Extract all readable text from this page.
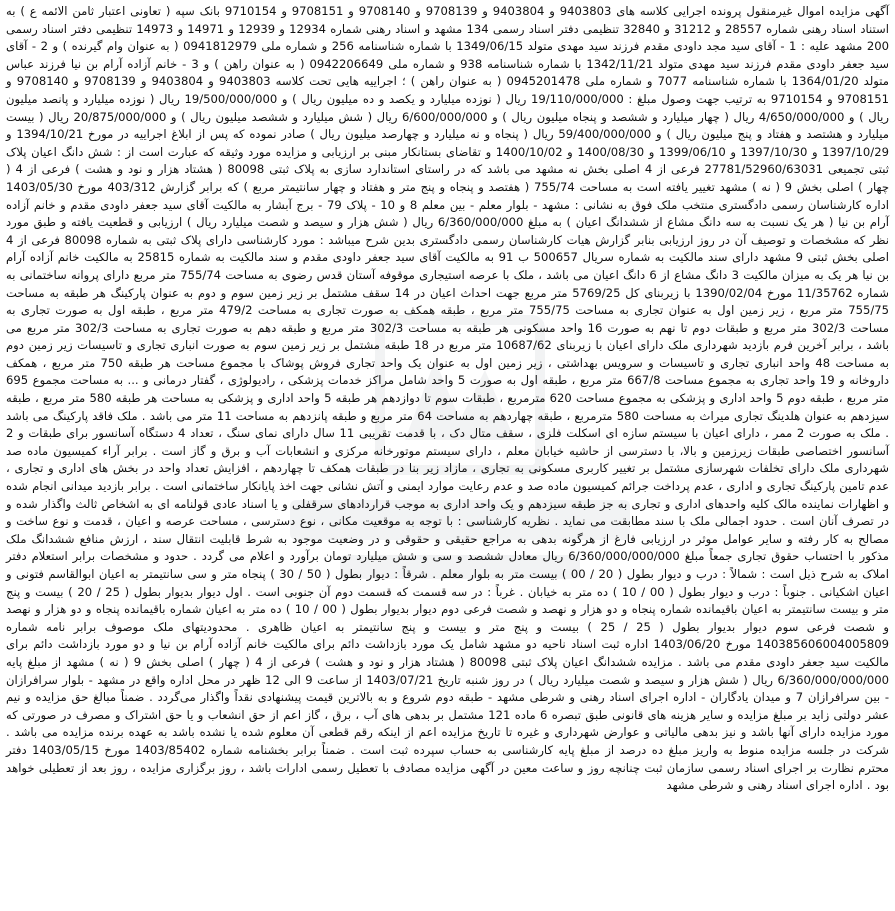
آگهی مزایده اموال غیرمنقول پرونده اجرایی کلاسه های 9403803 و 9403804 و 9708139 و 9708140 و 9708151 و 9710154 بانک سپه ( تعاونی اعتبار ثامن الائمه ع ) به استناد اسناد رهنی شماره 28557 و 31212 و 32840 تنظیمی دفتر اسناد رسمی 134 مشهد و اسناد رهنی شماره 12934 و 12939 و 14971 و 14973 تنظیمی دفتر اسناد رسمی 200 مشهد علیه : 1 - آقای سید مجد داودی مقدم فرزند سید مهدی متولد 1349/06/15 با شماره شناسنامه 256 و شماره ملی 0941812979 ( به عنوان وام گیرنده ) و 2 - آقای سید جعفر داودی مقدم فرزند سید مهدی متولد 1342/11/21 با شماره شناسنامه 938 و شماره ملی 0942206649 ( به عنوان راهن ) و 3 - خانم آزاده آرام بن نیا فرزند عباس متولد 1364/01/20 با شماره شناسنامه 7077 و شماره ملی 0945201478 ( به عنوان راهن ) ؛ اجراییه هایی تحت کلاسه 9403803 و 9403804 و 9708139 و 9708140 و 9708151 و 9710154 به ترتیب جهت وصول مبلغ : 19/110/000/000 ریال ( نوزده میلیارد و یکصد و ده میلیون ریال ) و 19/500/000/000 ریال ( نوزده میلیارد و پانصد میلیون ریال ) و 4/650/000/000 ریال ( چهار میلیارد و ششصد و پنجاه میلیون ریال ) و 6/600/000/000 ریال ( شش میلیارد و ششصد میلیون ریال ) و 20/875/000/000 ریال ( بیست میلیارد و هشتصد و هفتاد و پنج میلیون ریال ) و 59/400/000/000 ریال ( پنجاه و نه میلیارد و چهارصد میلیون ریال ) صادر نموده که پس از ابلاغ اجراییه در مورخ 1394/10/21 و 1397/10/29 و 1397/10/30 و 1399/06/10 و 1400/08/30 و 1400/10/02 و تقاضای بستانکار مبنی بر ارزیابی و مزایده مورد وثیقه که عبارت است از : شش دانگ اعیان پلاک ثبتی تجمیعی 27781/52960/63031 فرعی از 4 اصلی بخش نه مشهد می باشد که در راستای استاندارد سازی به پلاک ثبتی 80098 ( هشتاد هزار و نود و هشت ) فرعی از 4 ( چهار ) اصلی بخش 9 ( نه ) مشهد تغییر یافته است به مساحت 755/74 ( هفتصد و پنجاه و پنج متر و هفتاد و چهار سانتیمتر مربع ) که برابر گزارش 403/312 مورخ 1403/05/30 اداره کارشناسان رسمی دادگستری منتخب ملک فوق به نشانی : مشهد - بلوار معلم - بین معلم 8 و 10 - پلاک 79 - برج آبشار به مالکیت آقای سید جعفر داودی مقدم و خانم آزاده آرام بن نیا ( هر یک نسبت به سه دانگ مشاع از ششدانگ اعیان ) به مبلغ 6/360/000/000 ریال ( شش هزار و سیصد و شصت میلیارد ریال ) ارزیابی و قطعیت یافته و طبق مورد نظر که مشخصات و توصیف آن در روز ارزیابی بنابر گزارش هیات کارشناسان رسمی دادگستری بدین شرح میباشد : مورد کارشناسی دارای پلاک ثبتی به شماره 80098 فرعی از 4 اصلی بخش ثبتی 9 مشهد دارای سند مالکیت به شماره سریال 500657 ب 91 به مالکیت آقای سید جعفر داودی مقدم و سند مالکیت به شماره 25815 به مالکیت خانم آزاده آرام بن نیا هر یک به میزان مالکیت 3 دانگ مشاع از 6 دانگ اعیان می باشد ، ملک با عرصه استیجاری موقوفه آستان قدس رضوی به مساحت 755/74 متر مربع دارای پروانه ساختمانی به شماره 11/35762 مورخ 1390/02/04 با زیربنای کل 5769/25 متر مربع جهت احداث اعیان در 14 سقف مشتمل بر زیر زمین سوم و دوم به عنوان پارکینگ هر طبقه به مساحت 755/75 متر مربع ، زیر زمین اول به عنوان تجاری به مساحت 755/75 متر مربع ، طبقه همکف به صورت تجاری به مساحت 479/2 متر مربع ، طبقه اول به صورت تجاری به مساحت 302/3 متر مربع و طبقات دوم تا نهم به صورت 16 واحد مسکونی هر طبقه به مساحت 302/3 متر مربع و طبقه دهم به صورت تجاری به مساحت 302/3 متر مربع می باشد ، برابر آخرین فرم بازدید شهرداری ملک دارای اعیان با زیربنای 10687/62 متر مربع در 18 طبقه مشتمل بر زیر زمین سوم به صورت انباری تجاری و تاسیسات زیر زمین دوم به مساحت 48 واحد انباری تجاری و تاسیسات و سرویس بهداشتی ، زیر زمین اول به عنوان یک واحد تجاری فروش پوشاک با مجموع مساحت هر طبقه 750 متر مربع ، همکف داروخانه و 19 واحد تجاری به مجموع مساحت 667/8 متر مربع ، طبقه اول به صورت 5 واحد شامل مراکز خدمات پزشکی ، رادیولوژی ، گفتار درمانی و ... به مساحت مجموع 695 متر مربع ، طبقه دوم 5 واحد اداری و پزشکی به مجموع مساحت 620 مترمربع ، طبقات سوم تا دوازدهم هر طبقه 5 واحد اداری و پزشکی به مساحت هر طبقه 580 متر مربع ، طبقه سیزدهم به عنوان هلدینگ تجاری میراث به مساحت 580 مترمربع ، طبقه چهاردهم به مساحت 64 متر مربع و طبقه پانزدهم به مساحت 11 متر می باشد . ملک فاقد پارکینگ می باشد . ملک به صورت 2 ممر ، دارای اعیان با سیستم سازه ای اسکلت فلزی ، سقف متال دک ، با قدمت تقریبی 11 سال دارای نمای سنگ ، تعداد 4 دستگاه آسانسور برای طبقات و 2 آسانسور اختصاصی طبقات زیرزمین و بالا، با دسترسی از حاشیه خیابان معلم ، دارای سیستم موتورخانه مرکزی و انشعابات آب و برق و گاز است . برابر آراء کمیسیون ماده صد شهرداری ملک دارای تخلفات شهرسازی مشتمل بر تغییر کاربری مسکونی به تجاری ، مازاد زیر بنا در طبقات همکف تا چهاردهم ، افزایش تعداد واحد در بخش های اداری و تجاری ، عدم تامین پارکینگ تجاری و اداری ، عدم پرداخت جرائم کمیسیون ماده صد و عدم رعایت موارد ایمنی و آتش نشانی جهت اخذ پایانکار ساختمانی است . برابر بازدید میدانی انجام شده و اظهارات نماینده مالک کلیه واحدهای اداری و تجاری به جز طبقه سیزدهم و یک واحد اداری به موجب قراردادهای سرقفلی و یا اسناد عادی قولنامه ای به اشخاص ثالث واگذار شده و در تصرف آنان است . حدود اجمالی ملک با سند مطابقت می نماید . نظریه کارشناسی : با توجه به موقعیت مکانی ، نوع دسترسی ، مساحت عرصه و اعیان ، قدمت و نوع ساخت و مصالح به کار رفته و سایر عوامل موثر در ارزیابی فارغ از هرگونه بدهی به مراجع حقیقی و حقوقی و در وضعیت موجود به شرط قابلیت انتقال سند ، ارزش منافع ششدانگ ملک مذکور با احتساب حقوق تجاری جمعاً مبلغ 6/360/000/000/000 ریال معادل ششصد و سی و شش میلیارد تومان برآورد و اعلام می گردد . حدود و مشخصات برابر استعلام دفتر املاک به شرح ذیل است : شمالاً : درب و دیوار بطول ( 20 / 00 ) بیست متر به بلوار معلم . شرقاً : دیوار بطول ( 50 / 30 ) پنجاه متر و سی سانتیمتر به اعیان ابوالقاسم فتونی و اعیان اشکیانی . جنوباً : درب و دیوار بطول ( 00 / 10 ) ده متر به خیابان . غرباً : در سه قسمت که قسمت دوم آن جنوبی است . اول دیوار بدیوار بطول ( 25 / 20 ) بیست و پنج متر و بیست سانتیمتر به اعیان باقیمانده شماره پنجاه و دو هزار و نهصد و شصت فرعی دوم دیوار بدیوار بطول ( 00 / 10 ) ده متر به اعیان شماره باقیمانده پنجاه و دو هزار و نهصد و شصت فرعی سوم دیوار بدیوار بطول ( 25 / 25 ) بیست و پنج متر و بیست و پنج سانتیمتر به اعیان ظاهری . محدودیتهای ملک موصوف برابر نامه شماره 140385606004005809 مورخ 1403/06/20 اداره ثبت اسناد ناحیه دو مشهد شامل یک مورد بازداشت دائم برای مالکیت خانم آزاده آرام بن نیا و دو مورد بازداشت دائم برای مالکیت سید جعفر داودی مقدم می باشد . مزایده ششدانگ اعیان پلاک ثبتی 80098 ( هشتاد هزار و نود و هشت ) فرعی از 4 ( چهار ) اصلی بخش 9 ( نه ) مشهد از مبلغ پایه 6/360/000/000/000 ریال ( شش هزار و سیصد و شصت میلیارد ریال ) در روز شنبه تاریخ 1403/07/21 از ساعت 9 الی 12 ظهر در محل اداره واقع در مشهد - بلوار سرافرازان - بین سرافرازان 7 و میدان یادگاران - اداره اجرای اسناد رهنی و شرطی مشهد - طبقه دوم شروع و به بالاترین قیمت پیشنهادی نقداً واگذار می‌گردد . ضمناً مبالغ حق مزایده و نیم عشر دولتی زاید بر مبلغ مزایده و سایر هزینه های قانونی طبق تبصره 6 ماده 121 مشتمل بر بدهی های آب ، برق ، گاز اعم از حق انشعاب و یا حق اشتراک و مصرف در صورتی که مورد مزایده دارای آنها باشد و نیز بدهی مالیاتی و عوارض شهرداری و غیره تا تاریخ مزایده اعم از اینکه رقم قطعی آن معلوم شده یا نشده باشد به عهده برنده مزایده می باشد . شرکت در جلسه مزایده منوط به واریز مبلغ ده درصد از مبلغ پایه کارشناسی به حساب سپرده ثبت است . ضمناً برابر بخشنامه شماره 1403/85402 مورخ 1403/05/15 دفتر محترم نظارت بر اجرای اسناد رسمی سازمان ثبت چنانچه روز و ساعت معین در آگهی مزایده مصادف با تعطیل رسمی ادارات باشد ، روز برگزاری مزایده ، روز بعد از تعطیلی خواهد بود . اداره اجرای اسناد رهنی و شرطی مشهد
